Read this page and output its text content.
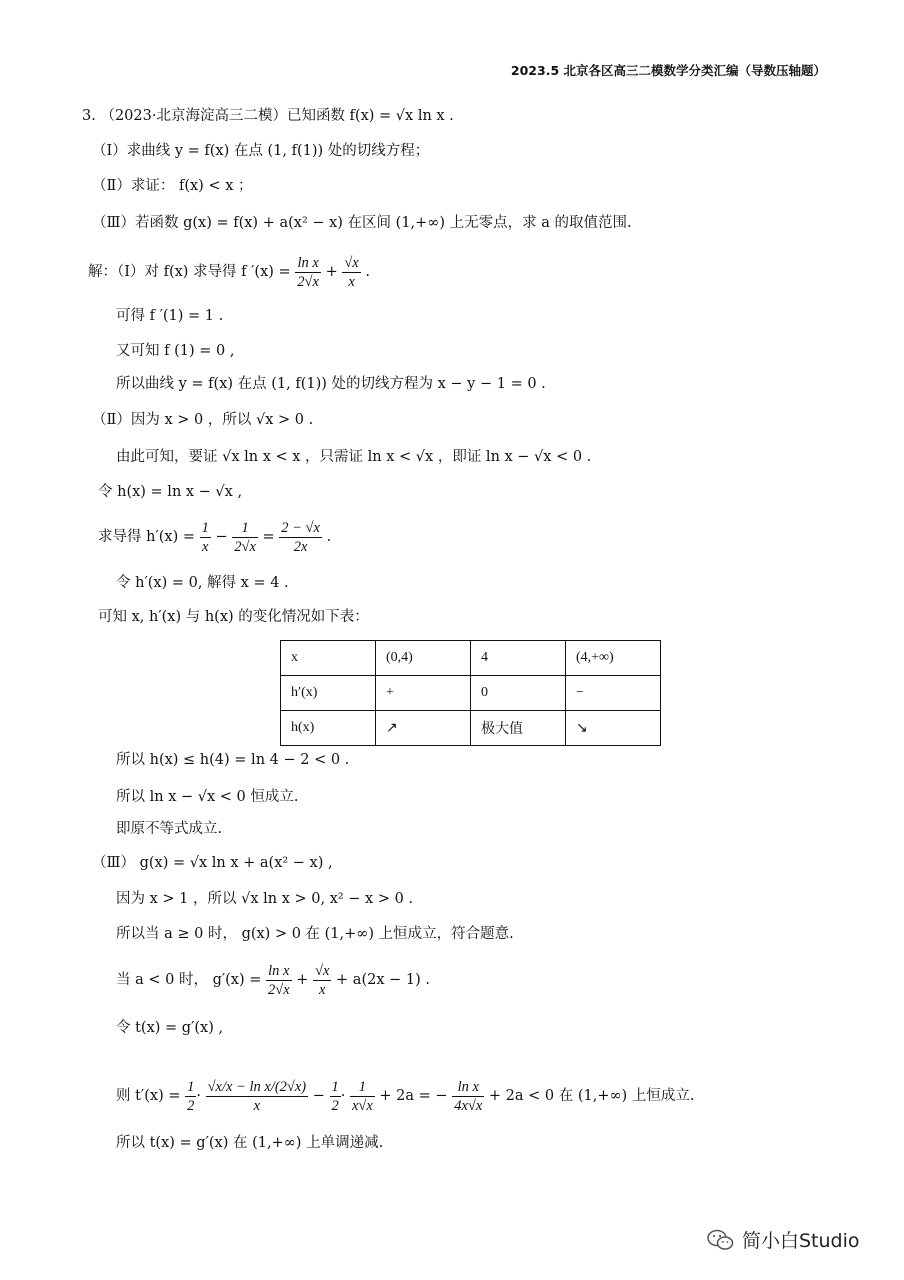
2023.5 北京各区高三二模数学分类汇编（导数压轴题）
3. （2023·北京海淀高三二模）已知函数 f(x) = √x ln x .
（Ⅰ）求曲线 y = f(x) 在点 (1, f(1)) 处的切线方程；
（Ⅱ）求证： f(x) < x ；
（Ⅲ）若函数 g(x) = f(x) + a(x² − x) 在区间 (1,+∞) 上无零点，求 a 的取值范围.
解：（Ⅰ）对 f(x) 求导得 f $'(x) = \frac{\text{ln x}}{2√x} + \frac{√x}{x}$ .
可得 f ′(1) = 1 .
又可知 f (1) = 0 ,
所以曲线 y = f(x) 在点 (1, f(1)) 处的切线方程为 x − y − 1 = 0 .
（Ⅱ）因为 x > 0 ，所以 √x > 0 .
由此可知，要证 √x ln x < x ，只需证 ln x < √x ，即证 ln x − √x < 0 .
令 h(x) = ln x − √x ,
求导得 $h'(x) = \frac{1}{x} - \frac{1}{2√x} = \frac{2 - √x}{2x}$ .
令 h′(x) = 0, 解得 x = 4 .
可知 x, h′(x) 与 h(x) 的变化情况如下表：
x	(0,4)	4	(4,+∞)
h′(x)	+	0	−
h(x)	↗	极大值	↘
所以 h(x) ≤ h(4) = ln 4 − 2 < 0 .
所以 ln x − √x < 0 恒成立.
即原不等式成立.
（Ⅲ） g(x) = √x ln x + a(x² − x) ,
因为 x > 1 ，所以 √x ln x > 0, x² − x > 0 .
所以当 a ≥ 0 时， g(x) > 0 在 (1,+∞) 上恒成立，符合题意.
当 a < 0 时， $g'(x) = \frac{\text{ln x}}{2√x} + \frac{√x}{x} + a(2x - 1)$ .
令 t(x) = g′(x) ,
则 $t'(x) = \frac{1}{2} \cdot \frac{\text{√x/x − ln x/(2√x)}}{x} - \frac{1}{2} \cdot \frac{1}{x√x} + 2a$ = − $\frac{\text{ln x}}{4x√x} + 2a < 0$ 在 (1,+∞) 上恒成立.
所以 t(x) = g′(x) 在 (1,+∞) 上单调递减.
简小白Studio
